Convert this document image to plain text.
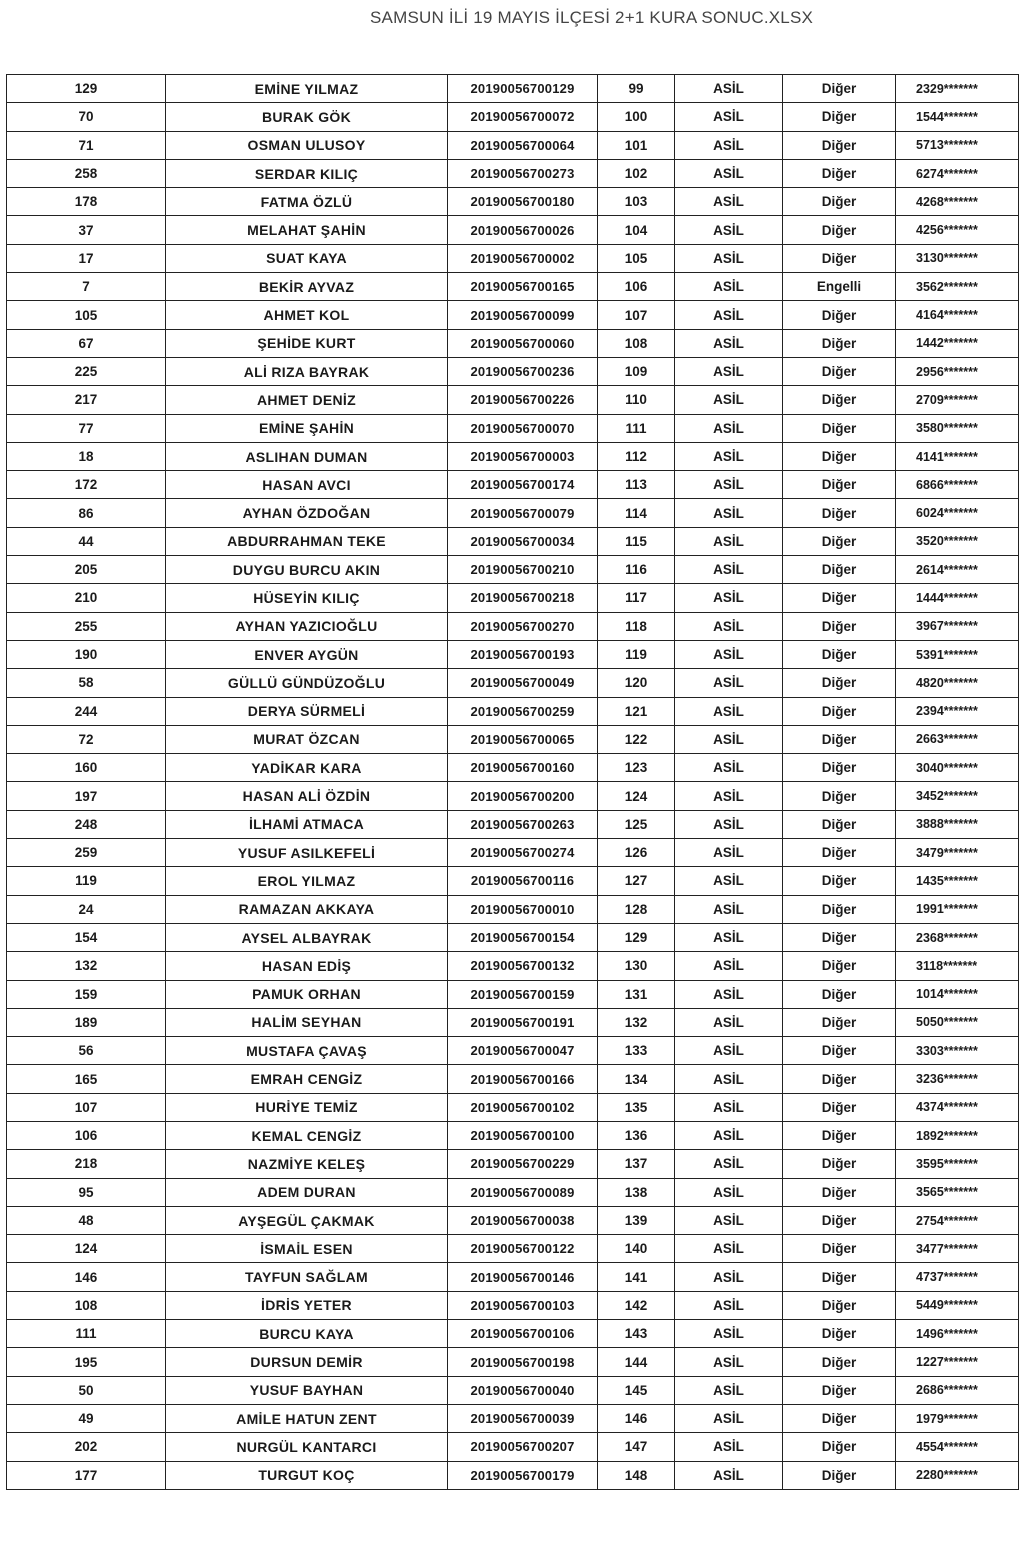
SAMSUN İLİ 19 MAYIS İLÇESİ 2+1 KURA SONUC.XLSX
129	EMİNE YILMAZ	20190056700129	99	ASİL	Diğer	2329*******
70	BURAK GÖK	20190056700072	100	ASİL	Diğer	1544*******
71	OSMAN ULUSOY	20190056700064	101	ASİL	Diğer	5713*******
258	SERDAR KILIÇ	20190056700273	102	ASİL	Diğer	6274*******
178	FATMA ÖZLÜ	20190056700180	103	ASİL	Diğer	4268*******
37	MELAHAT ŞAHİN	20190056700026	104	ASİL	Diğer	4256*******
17	SUAT KAYA	20190056700002	105	ASİL	Diğer	3130*******
7	BEKİR AYVAZ	20190056700165	106	ASİL	Engelli	3562*******
105	AHMET KOL	20190056700099	107	ASİL	Diğer	4164*******
67	ŞEHİDE KURT	20190056700060	108	ASİL	Diğer	1442*******
225	ALİ RIZA BAYRAK	20190056700236	109	ASİL	Diğer	2956*******
217	AHMET DENİZ	20190056700226	110	ASİL	Diğer	2709*******
77	EMİNE ŞAHİN	20190056700070	111	ASİL	Diğer	3580*******
18	ASLIHAN DUMAN	20190056700003	112	ASİL	Diğer	4141*******
172	HASAN AVCI	20190056700174	113	ASİL	Diğer	6866*******
86	AYHAN ÖZDOĞAN	20190056700079	114	ASİL	Diğer	6024*******
44	ABDURRAHMAN TEKE	20190056700034	115	ASİL	Diğer	3520*******
205	DUYGU BURCU AKIN	20190056700210	116	ASİL	Diğer	2614*******
210	HÜSEYİN KILIÇ	20190056700218	117	ASİL	Diğer	1444*******
255	AYHAN YAZICIOĞLU	20190056700270	118	ASİL	Diğer	3967*******
190	ENVER AYGÜN	20190056700193	119	ASİL	Diğer	5391*******
58	GÜLLÜ GÜNDÜZOĞLU	20190056700049	120	ASİL	Diğer	4820*******
244	DERYA SÜRMELİ	20190056700259	121	ASİL	Diğer	2394*******
72	MURAT ÖZCAN	20190056700065	122	ASİL	Diğer	2663*******
160	YADİKAR KARA	20190056700160	123	ASİL	Diğer	3040*******
197	HASAN ALİ ÖZDİN	20190056700200	124	ASİL	Diğer	3452*******
248	İLHAMİ ATMACA	20190056700263	125	ASİL	Diğer	3888*******
259	YUSUF ASILKEFELİ	20190056700274	126	ASİL	Diğer	3479*******
119	EROL YILMAZ	20190056700116	127	ASİL	Diğer	1435*******
24	RAMAZAN AKKAYA	20190056700010	128	ASİL	Diğer	1991*******
154	AYSEL ALBAYRAK	20190056700154	129	ASİL	Diğer	2368*******
132	HASAN EDİŞ	20190056700132	130	ASİL	Diğer	3118*******
159	PAMUK ORHAN	20190056700159	131	ASİL	Diğer	1014*******
189	HALİM SEYHAN	20190056700191	132	ASİL	Diğer	5050*******
56	MUSTAFA ÇAVAŞ	20190056700047	133	ASİL	Diğer	3303*******
165	EMRAH CENGİZ	20190056700166	134	ASİL	Diğer	3236*******
107	HURİYE TEMİZ	20190056700102	135	ASİL	Diğer	4374*******
106	KEMAL CENGİZ	20190056700100	136	ASİL	Diğer	1892*******
218	NAZMİYE KELEŞ	20190056700229	137	ASİL	Diğer	3595*******
95	ADEM DURAN	20190056700089	138	ASİL	Diğer	3565*******
48	AYŞEGÜL ÇAKMAK	20190056700038	139	ASİL	Diğer	2754*******
124	İSMAİL ESEN	20190056700122	140	ASİL	Diğer	3477*******
146	TAYFUN SAĞLAM	20190056700146	141	ASİL	Diğer	4737*******
108	İDRİS YETER	20190056700103	142	ASİL	Diğer	5449*******
111	BURCU KAYA	20190056700106	143	ASİL	Diğer	1496*******
195	DURSUN DEMİR	20190056700198	144	ASİL	Diğer	1227*******
50	YUSUF BAYHAN	20190056700040	145	ASİL	Diğer	2686*******
49	AMİLE HATUN ZENT	20190056700039	146	ASİL	Diğer	1979*******
202	NURGÜL KANTARCI	20190056700207	147	ASİL	Diğer	4554*******
177	TURGUT KOÇ	20190056700179	148	ASİL	Diğer	2280*******
